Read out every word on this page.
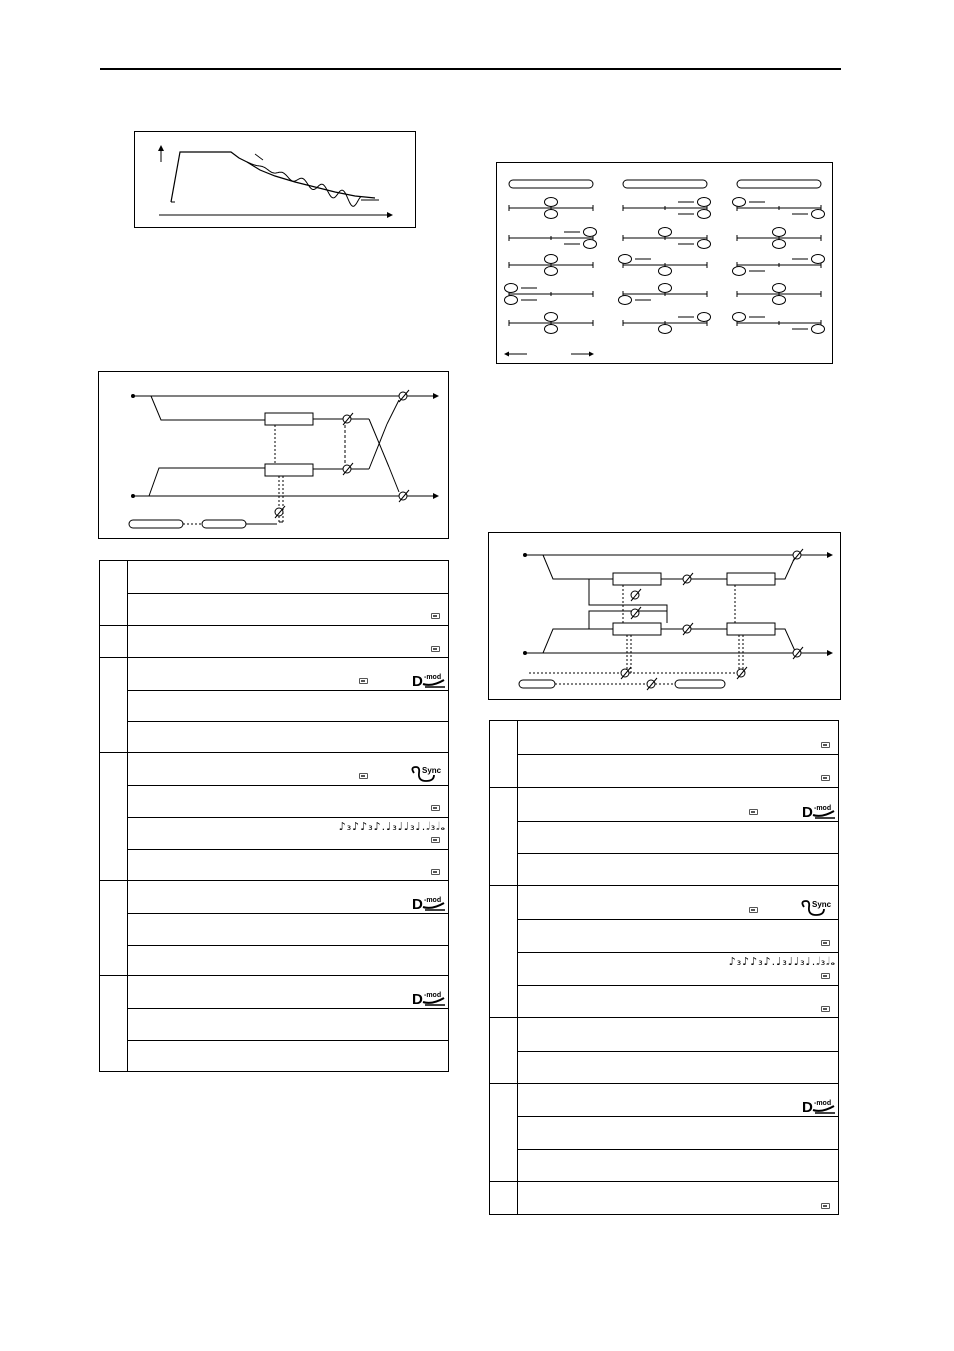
D -mod
Sync
♪₃♪♪₃♪.♩₃♩♩₃♩.𝅗𝅥₃𝅗𝅥𝅝
D -mod
D -mod
D -mod
Sync
♪₃♪♪₃♪.♩₃♩♩₃♩.𝅗𝅥₃𝅗𝅥𝅝
D -mod
